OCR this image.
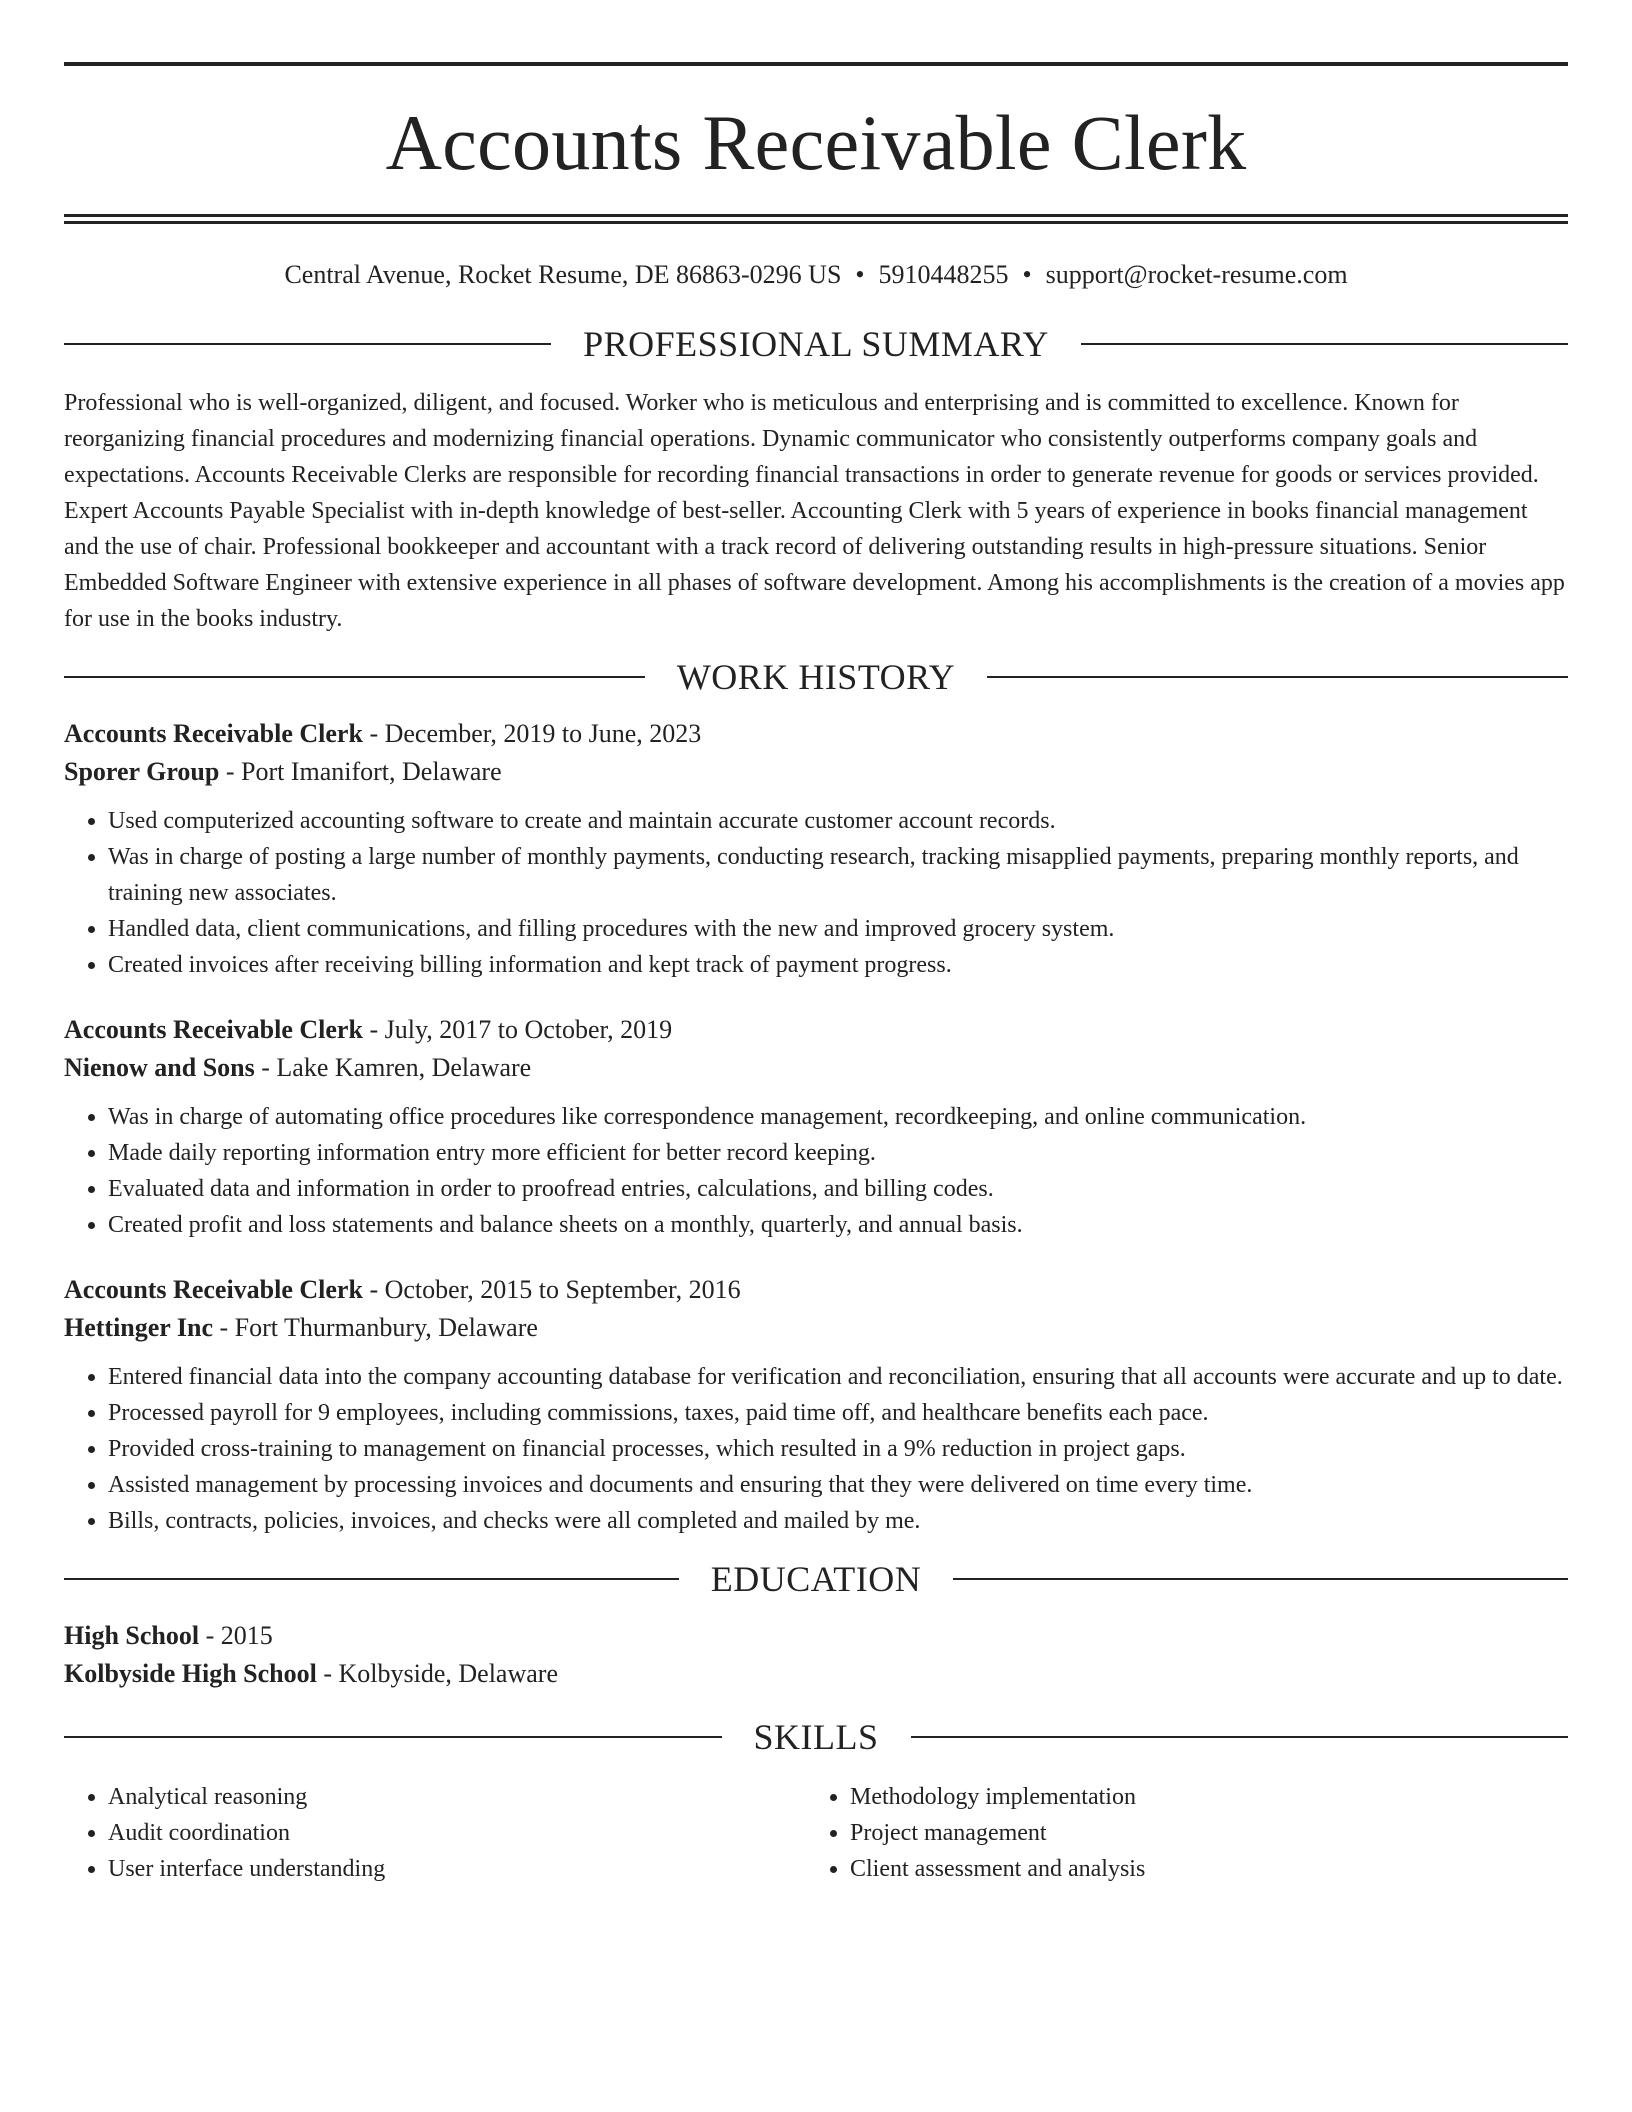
Accounts Receivable Clerk
Central Avenue, Rocket Resume, DE 86863-0296 US • 5910448255 • support@rocket-resume.com
PROFESSIONAL SUMMARY
Professional who is well-organized, diligent, and focused. Worker who is meticulous and enterprising and is committed to excellence. Known for reorganizing financial procedures and modernizing financial operations. Dynamic communicator who consistently outperforms company goals and expectations. Accounts Receivable Clerks are responsible for recording financial transactions in order to generate revenue for goods or services provided. Expert Accounts Payable Specialist with in-depth knowledge of best-seller. Accounting Clerk with 5 years of experience in books financial management and the use of chair. Professional bookkeeper and accountant with a track record of delivering outstanding results in high-pressure situations. Senior Embedded Software Engineer with extensive experience in all phases of software development. Among his accomplishments is the creation of a movies app for use in the books industry.
WORK HISTORY
Accounts Receivable Clerk - December, 2019 to June, 2023
Sporer Group - Port Imanifort, Delaware
• Used computerized accounting software to create and maintain accurate customer account records.
• Was in charge of posting a large number of monthly payments, conducting research, tracking misapplied payments, preparing monthly reports, and training new associates.
• Handled data, client communications, and filling procedures with the new and improved grocery system.
• Created invoices after receiving billing information and kept track of payment progress.
Accounts Receivable Clerk - July, 2017 to October, 2019
Nienow and Sons - Lake Kamren, Delaware
• Was in charge of automating office procedures like correspondence management, recordkeeping, and online communication.
• Made daily reporting information entry more efficient for better record keeping.
• Evaluated data and information in order to proofread entries, calculations, and billing codes.
• Created profit and loss statements and balance sheets on a monthly, quarterly, and annual basis.
Accounts Receivable Clerk - October, 2015 to September, 2016
Hettinger Inc - Fort Thurmanbury, Delaware
• Entered financial data into the company accounting database for verification and reconciliation, ensuring that all accounts were accurate and up to date.
• Processed payroll for 9 employees, including commissions, taxes, paid time off, and healthcare benefits each pace.
• Provided cross-training to management on financial processes, which resulted in a 9% reduction in project gaps.
• Assisted management by processing invoices and documents and ensuring that they were delivered on time every time.
• Bills, contracts, policies, invoices, and checks were all completed and mailed by me.
EDUCATION
High School - 2015
Kolbyside High School - Kolbyside, Delaware
SKILLS
• Analytical reasoning
• Audit coordination
• User interface understanding
• Methodology implementation
• Project management
• Client assessment and analysis
